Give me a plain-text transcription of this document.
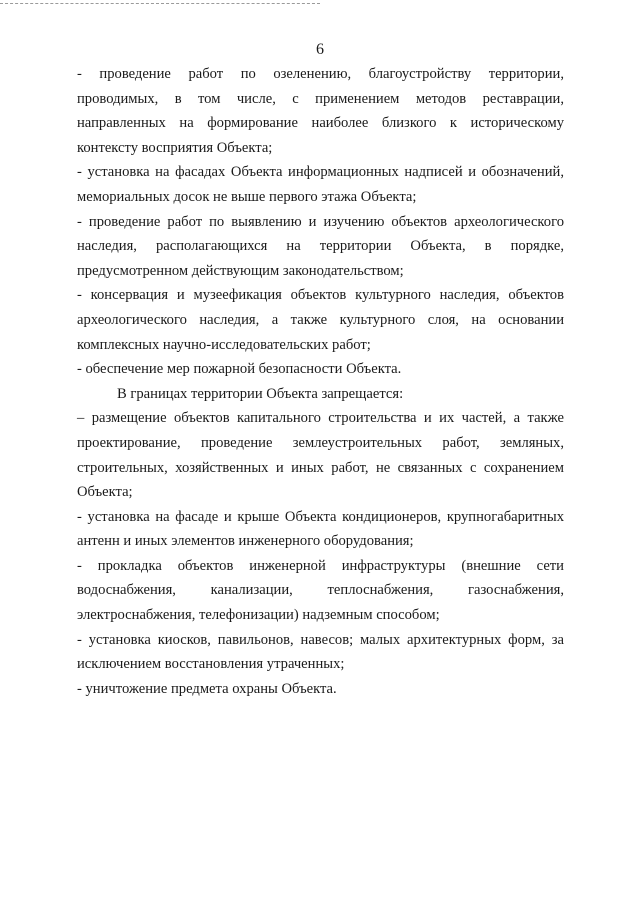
6

- проведение работ по озеленению, благоустройству территории, проводимых, в том числе, с применением методов реставрации, направленных на формирование наиболее близкого к историческому контексту восприятия Объекта;

- установка на фасадах Объекта информационных надписей и обозначений, мемориальных досок не выше первого этажа Объекта;

- проведение работ по выявлению и изучению объектов археологического наследия, располагающихся на территории Объекта, в порядке, предусмотренном действующим законодательством;

- консервация и музеефикация объектов культурного наследия, объектов археологического наследия, а также культурного слоя, на основании комплексных научно-исследовательских работ;

- обеспечение мер пожарной безопасности Объекта.

В границах территории Объекта запрещается:

– размещение объектов капитального строительства и их частей, а также проектирование, проведение землеустроительных работ, земляных, строительных, хозяйственных и иных работ, не связанных с сохранением Объекта;

- установка на фасаде и крыше Объекта кондиционеров, крупногабаритных антенн и иных элементов инженерного оборудования;

- прокладка объектов инженерной инфраструктуры (внешние сети водоснабжения, канализации, теплоснабжения, газоснабжения, электроснабжения, телефонизации) надземным способом;

- установка киосков, павильонов, навесов; малых архитектурных форм, за исключением восстановления утраченных;

- уничтожение предмета охраны Объекта.
